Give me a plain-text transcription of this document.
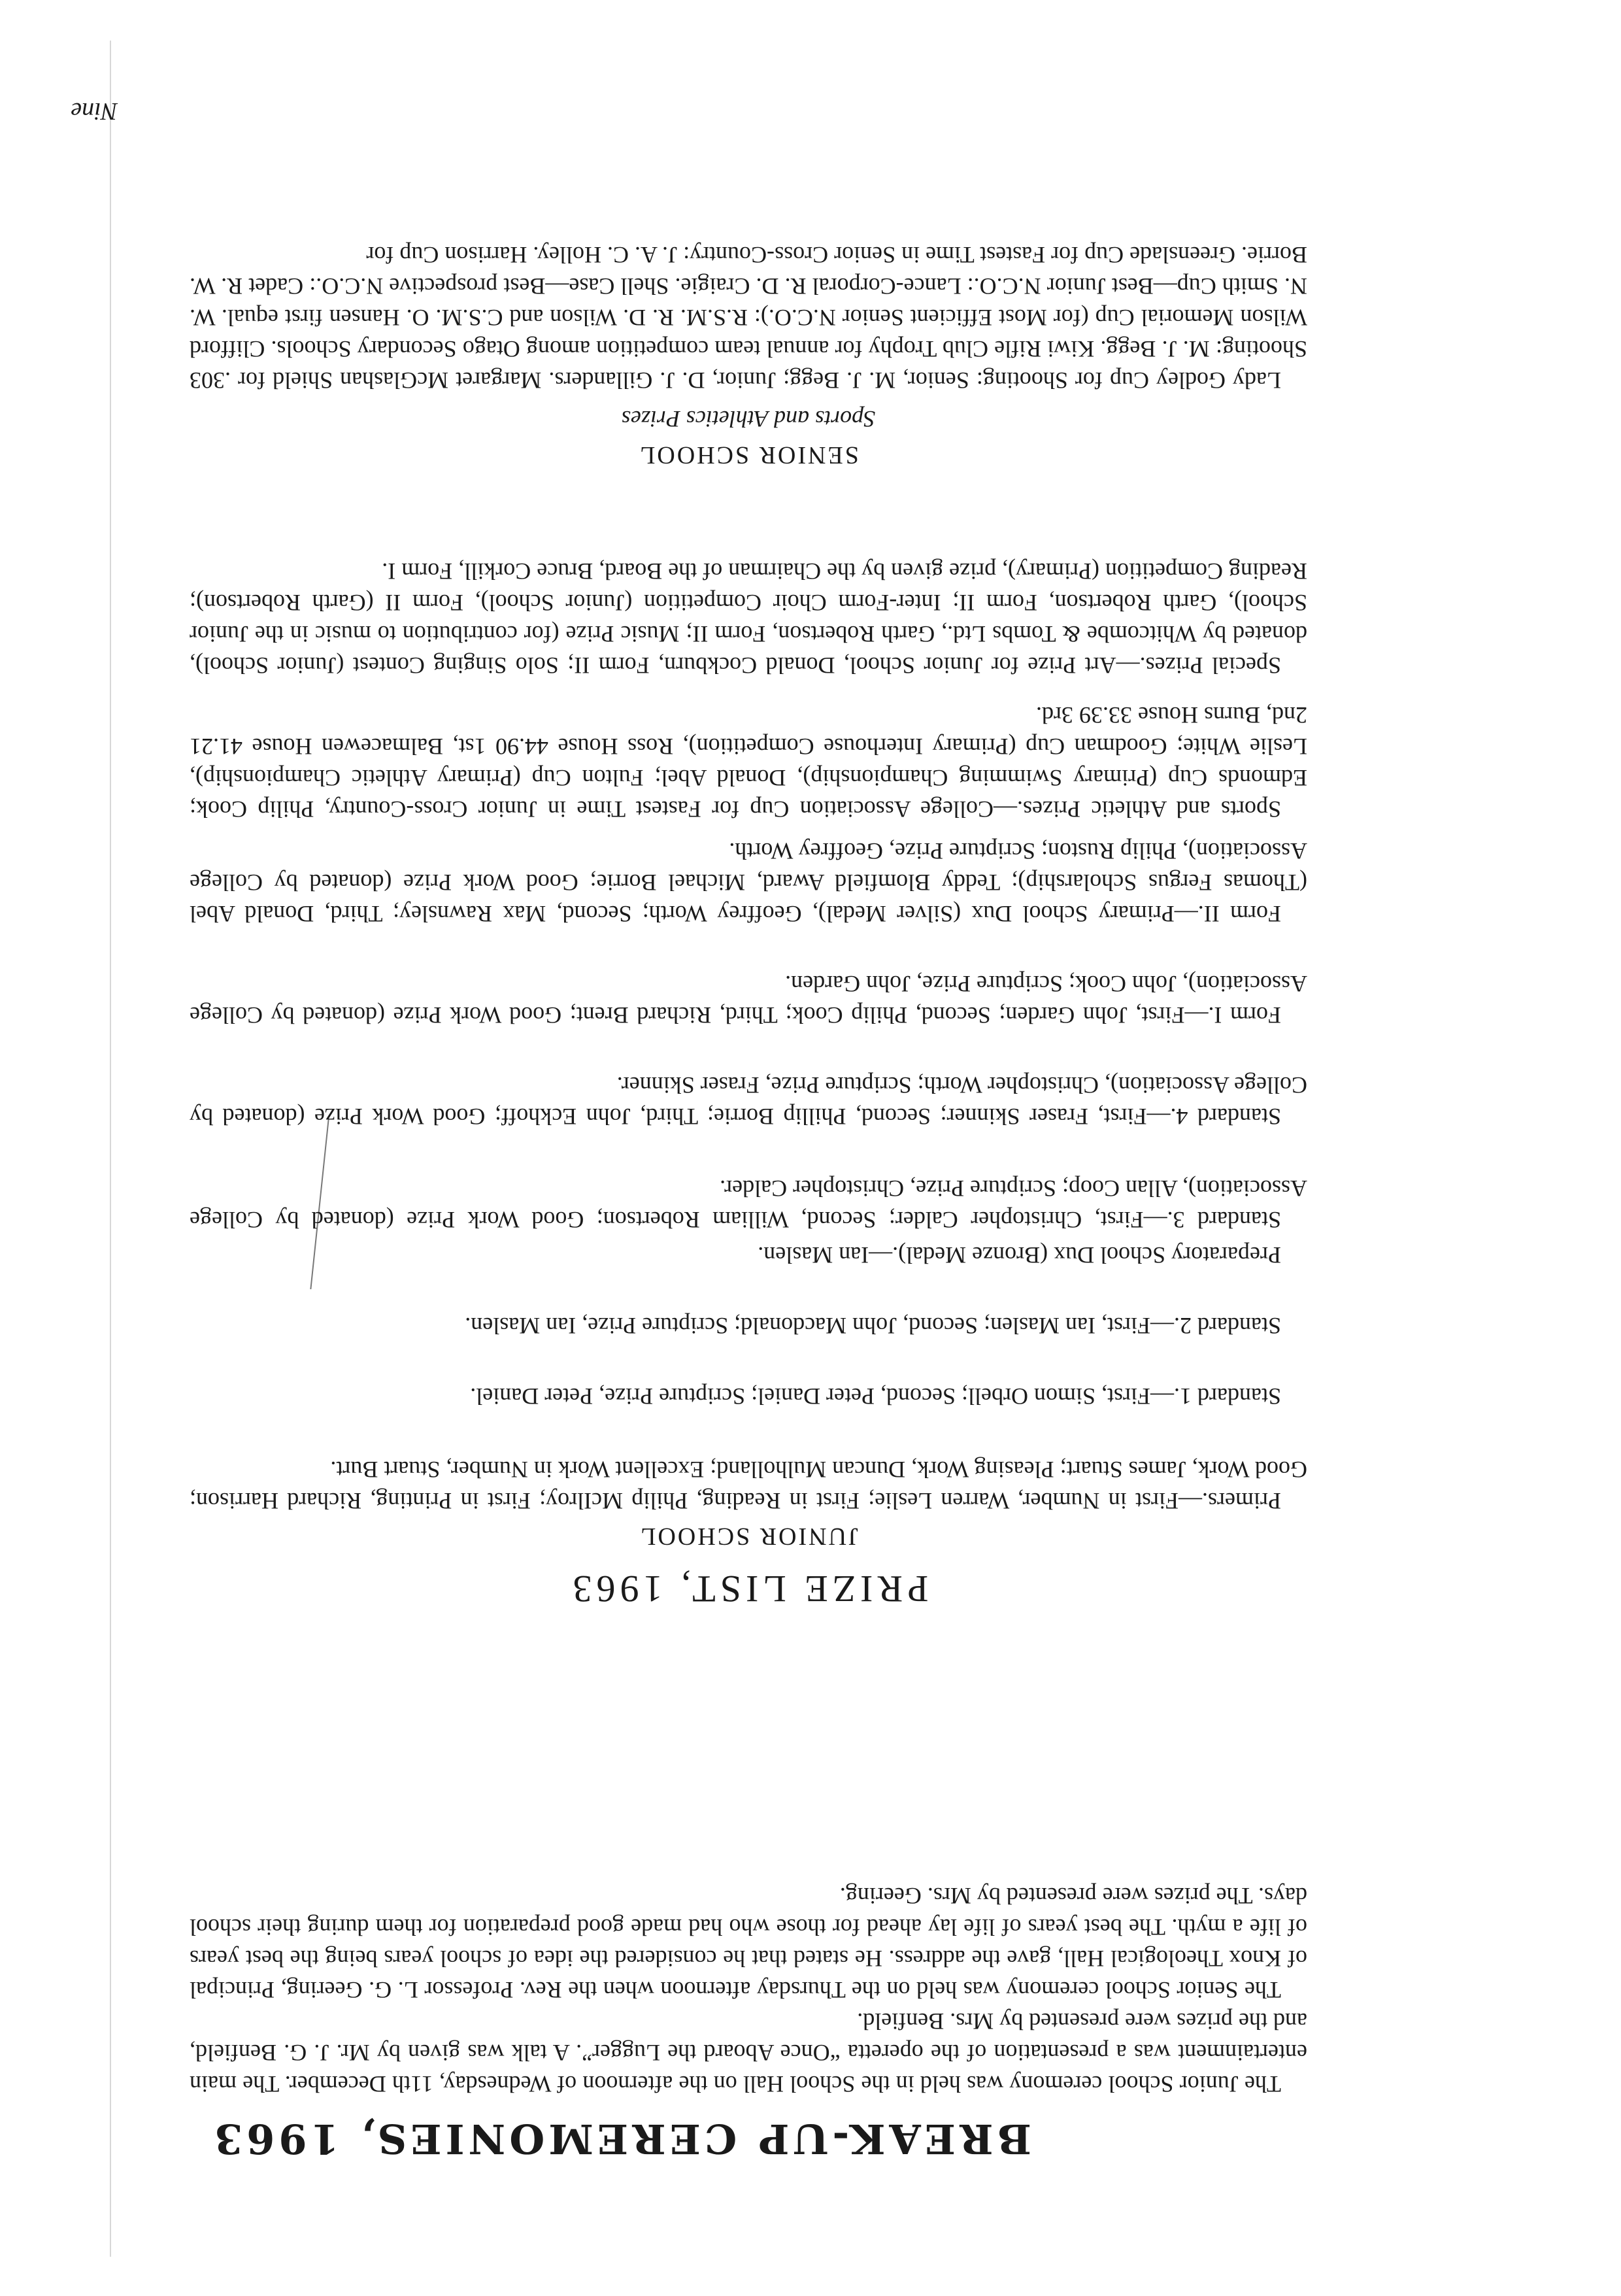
BREAK-UP CEREMONIES, 1963

The Junior School ceremony was held in the School Hall on the afternoon of Wednesday, 11th December. The main entertainment was a presentation of the operetta “Once Aboard the Lugger”. A talk was given by Mr. J. G. Benfield, and the prizes were presented by Mrs. Benfield.

The Senior School ceremony was held on the Thursday afternoon when the Rev. Professor L. G. Geering, Principal of Knox Theological Hall, gave the address. He stated that he considered the idea of school years being the best years of life a myth. The best years of life lay ahead for those who had made good preparation for them during their school days. The prizes were presented by Mrs. Geering.

PRIZE LIST, 1963
JUNIOR SCHOOL

Primers.—First in Number, Warren Leslie; First in Reading, Philip McIlroy; First in Printing, Richard Harrison; Good Work, James Stuart; Pleasing Work, Duncan Mulholland; Excellent Work in Number, Stuart Burt.

Standard 1.—First, Simon Orbell; Second, Peter Daniel; Scripture Prize, Peter Daniel.

Standard 2.—First, Ian Maslen; Second, John Macdonald; Scripture Prize, Ian Maslen.

Preparatory School Dux (Bronze Medal).—Ian Maslen.

Standard 3.—First, Christopher Calder; Second, William Robertson; Good Work Prize (donated by College Association), Allan Coop; Scripture Prize, Christopher Calder.

Standard 4.—First, Fraser Skinner; Second, Phillip Borrie; Third, John Eckhoff; Good Work Prize (donated by College Association), Christopher Worth; Scripture Prize, Fraser Skinner.

Form I.—First, John Garden; Second, Philip Cook; Third, Richard Brent; Good Work Prize (donated by College Association), John Cook; Scripture Prize, John Garden.

Form II.—Primary School Dux (Silver Medal), Geoffrey Worth; Second, Max Rawnsley; Third, Donald Abel (Thomas Fergus Scholarship); Teddy Blomfield Award, Michael Borrie; Good Work Prize (donated by College Association), Philip Ruston; Scripture Prize, Geoffrey Worth.

Sports and Athletic Prizes.—College Association Cup for Fastest Time in Junior Cross-Country, Philip Cook; Edmonds Cup (Primary Swimming Championship), Donald Abel; Fulton Cup (Primary Athletic Championship), Leslie White; Goodman Cup (Primary Interhouse Competition), Ross House 44.90 1st, Balmacewen House 41.21 2nd, Burns House 33.39 3rd.

Special Prizes.—Art Prize for Junior School, Donald Cockburn, Form II; Solo Singing Contest (Junior School), donated by Whitcombe & Tombs Ltd., Garth Robertson, Form II; Music Prize (for contribution to music in the Junior School), Garth Robertson, Form II; Inter-Form Choir Competition (Junior School), Form II (Garth Robertson); Reading Competition (Primary), prize given by the Chairman of the Board, Bruce Corkill, Form I.

SENIOR SCHOOL

Sports and Athletics Prizes

Lady Godley Cup for Shooting: Senior, M. J. Begg; Junior, D. J. Gillanders. Margaret McGlashan Shield for .303 Shooting: M. J. Begg. Kiwi Rifle Club Trophy for annual team competition among Otago Secondary Schools. Clifford Wilson Memorial Cup (for Most Efficient Senior N.C.O.): R.S.M. R. D. Wilson and C.S.M. O. Hansen first equal. W. N. Smith Cup—Best Junior N.C.O.: Lance-Corporal R. D. Craigie. Shell Case—Best prospective N.C.O.: Cadet R. W. Borrie. Greenslade Cup for Fastest Time in Senior Cross-Country: J. A. C. Holley. Harrison Cup for

Nine
